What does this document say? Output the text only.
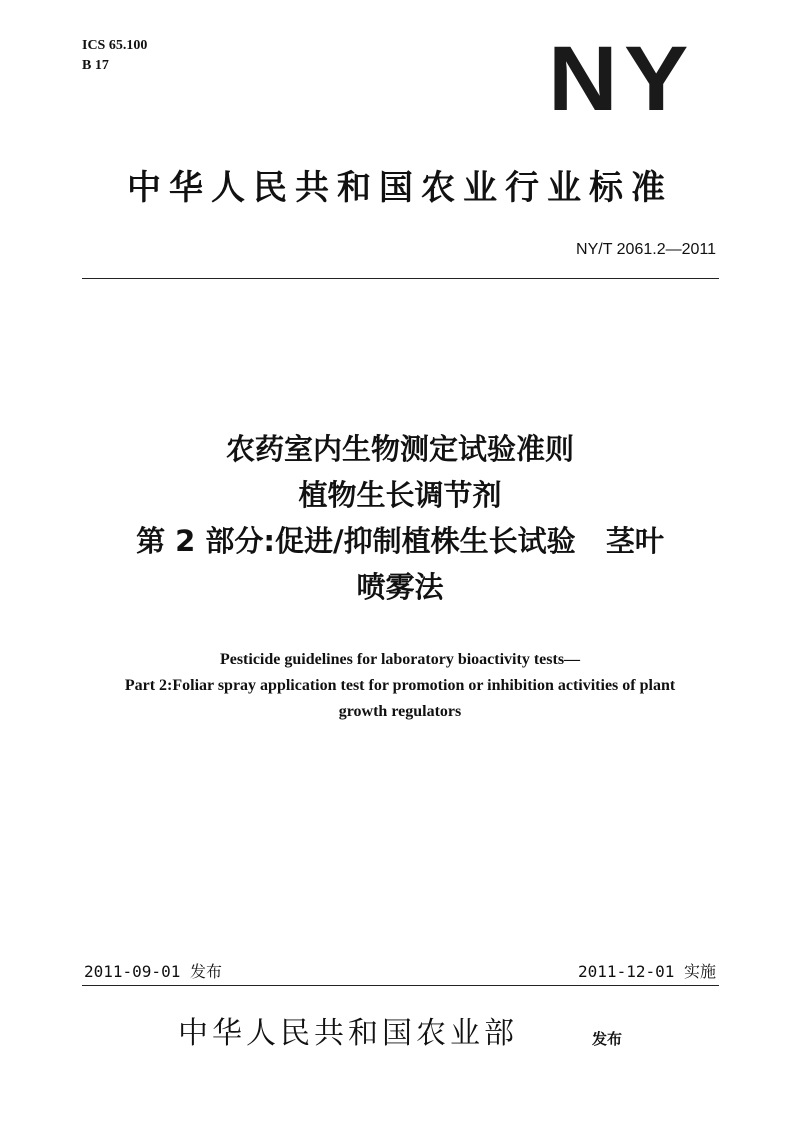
ICS 65.100
B 17	NY
中华人民共和国农业行业标准
NY/T 2061.2—2011
农药室内生物测定试验准则
植物生长调节剂
第 2 部分:促进/抑制植株生长试验   茎叶
喷雾法
Pesticide guidelines for laboratory bioactivity tests—
Part 2:Foliar spray application test for promotion or inhibition activities of plant
growth regulators
2011-09-01 发布	2011-12-01 实施
中华人民共和国农业部	发布
